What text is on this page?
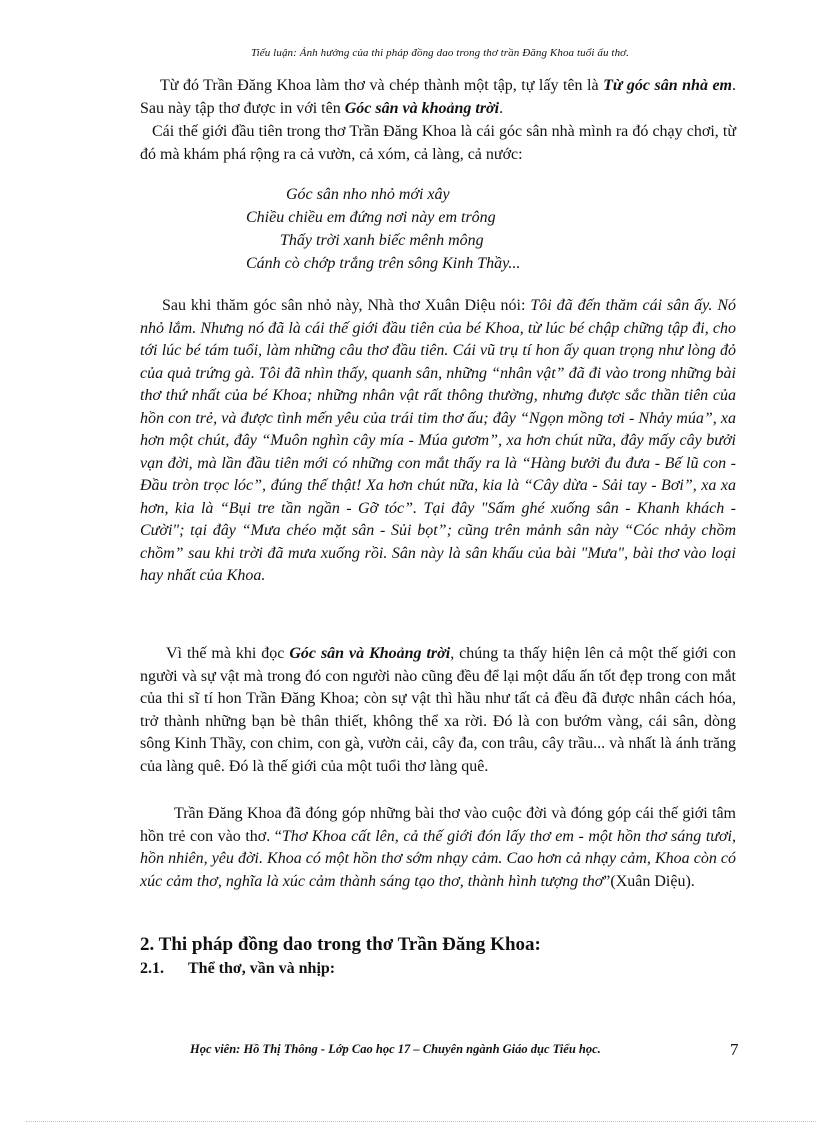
Tiểu luận: Ảnh hưởng của thi pháp đồng dao trong thơ trần Đăng Khoa tuổi ấu thơ.
Từ đó Trần Đăng Khoa làm thơ và chép thành một tập, tự lấy tên là Từ góc sân nhà em. Sau này tập thơ được in với tên Góc sân và khoảng trời.
Cái thế giới đầu tiên trong thơ Trần Đăng Khoa là cái góc sân nhà mình ra đó chạy chơi, từ đó mà khám phá rộng ra cả vườn, cả xóm, cả làng, cả nước:
Góc sân nho nhỏ mới xây
Chiều chiều em đứng nơi này em trông
Thấy trời xanh biếc mênh mông
Cánh cò chớp trắng trên sông Kinh Thầy...
Sau khi thăm góc sân nhỏ này, Nhà thơ Xuân Diệu nói: Tôi đã đến thăm cái sân ấy. Nó nhỏ lắm. Nhưng nó đã là cái thế giới đầu tiên của bé Khoa, từ lúc bé chập chững tập đi, cho tới lúc bé tám tuổi, làm những câu thơ đầu tiên. Cái vũ trụ tí hon ấy quan trọng như lòng đỏ của quả trứng gà. Tôi đã nhìn thấy, quanh sân, những “nhân vật” đã đi vào trong những bài thơ thứ nhất của bé Khoa; những nhân vật rất thông thường, nhưng được sắc thần tiên của hồn con trẻ, và được tình mến yêu của trái tim thơ ấu; đây “Ngọn mồng tơi - Nhảy múa”, xa hơn một chút, đây “Muôn nghìn cây mía - Múa gươm”, xa hơn chút nữa, đây mấy cây bưởi vạn đời, mà lần đầu tiên mới có những con mắt thấy ra là “Hàng bưởi đu đưa - Bế lũ con - Đầu tròn trọc lóc”, đúng thế thật! Xa hơn chút nữa, kia là “Cây dừa - Sải tay - Bơi”, xa xa hơn, kia là “Bụi tre tần ngần - Gỡ tóc”. Tại đây "Sấm ghé xuống sân - Khanh khách - Cười"; tại đây “Mưa chéo mặt sân - Sủi bọt”; cũng trên mảnh sân này “Cóc nhảy chồm chồm” sau khi trời đã mưa xuống rồi. Sân này là sân khấu của bài "Mưa", bài thơ vào loại hay nhất của Khoa.
Vì thế mà khi đọc Góc sân và Khoảng trời, chúng ta thấy hiện lên cả một thế giới con người và sự vật mà trong đó con người nào cũng đều để lại một dấu ấn tốt đẹp trong con mắt của thi sĩ tí hon Trần Đăng Khoa; còn sự vật thì hầu như tất cả đều đã được nhân cách hóa, trở thành những bạn bè thân thiết, không thể xa rời. Đó là con bướm vàng, cái sân, dòng sông Kinh Thầy, con chim, con gà, vườn cải, cây đa, con trâu, cây trầu... và nhất là ánh trăng của làng quê. Đó là thế giới của một tuổi thơ làng quê.
Trần Đăng Khoa đã đóng góp những bài thơ vào cuộc đời và đóng góp cái thế giới tâm hồn trẻ con vào thơ. “Thơ Khoa cất lên, cả thế giới đón lấy thơ em - một hồn thơ sáng tươi, hồn nhiên, yêu đời. Khoa có một hồn thơ sớm nhạy cảm. Cao hơn cả nhạy cảm, Khoa còn có xúc cảm thơ, nghĩa là xúc cảm thành sáng tạo thơ, thành hình tượng thơ”(Xuân Diệu).
2. Thi pháp đồng dao trong thơ Trần Đăng Khoa:
2.1. Thể thơ, vần và nhịp:
Học viên: Hồ Thị Thông - Lớp Cao học 17 – Chuyên ngành Giáo dục Tiểu học.	7
